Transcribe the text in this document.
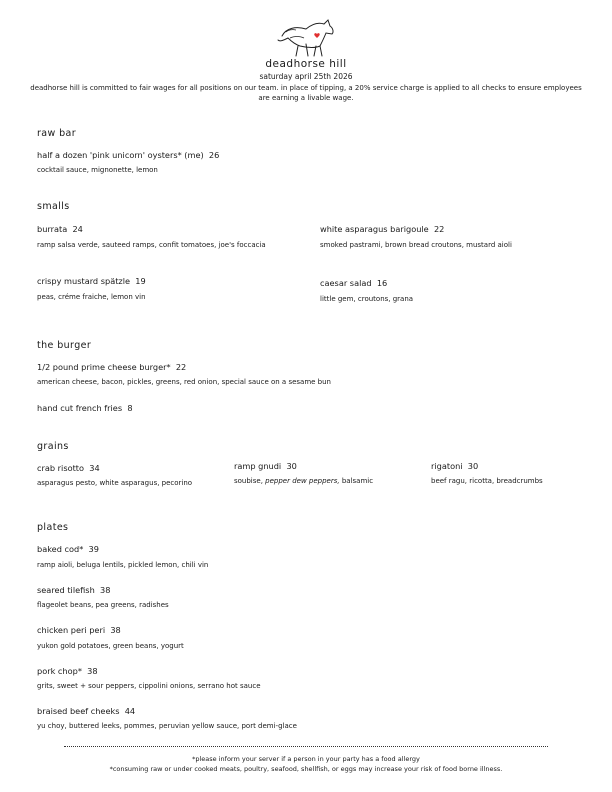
deadhorse hill
saturday april 25th 2026
deadhorse hill is committed to fair wages for all positions on our team. in place of tipping, a 20% service charge is applied to all checks to ensure employees are earning a livable wage.
raw bar
half a dozen 'pink unicorn' oysters* (me) 26
cocktail sauce, mignonette, lemon
smalls
burrata 24
ramp salsa verde, sauteed ramps, confit tomatoes, joe's foccacia
white asparagus barigoule 22
smoked pastrami, brown bread croutons, mustard aioli
crispy mustard spätzle 19
peas, créme fraiche, lemon vin
caesar salad 16
little gem, croutons, grana
the burger
1/2 pound prime cheese burger* 22
american cheese, bacon, pickles, greens, red onion, special sauce on a sesame bun
hand cut french fries 8
grains
crab risotto 34
asparagus pesto, white asparagus, pecorino
ramp gnudi 30
soubise, pepper dew peppers, balsamic
rigatoni 30
beef ragu, ricotta, breadcrumbs
plates
baked cod* 39
ramp aioli, beluga lentils, pickled lemon, chili vin
seared tilefish 38
flageolet beans, pea greens, radishes
chicken peri peri 38
yukon gold potatoes, green beans, yogurt
pork chop* 38
grits, sweet + sour peppers, cippolini onions, serrano hot sauce
braised beef cheeks 44
yu choy, buttered leeks, pommes, peruvian yellow sauce, port demi-glace
*please inform your server if a person in your party has a food allergy
*consuming raw or under cooked meats, poultry, seafood, shellfish, or eggs may increase your risk of food borne illness.
